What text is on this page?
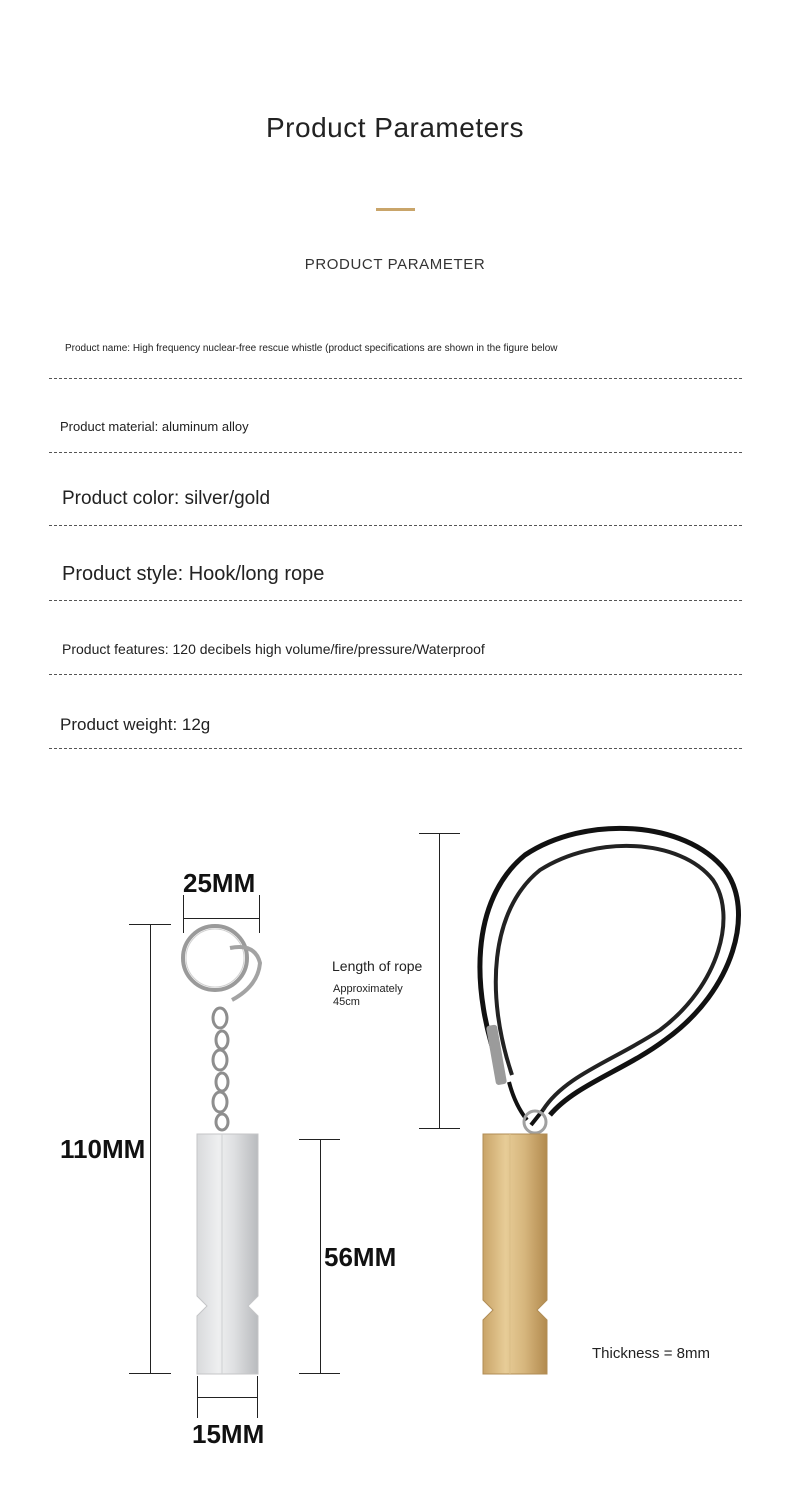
Product Parameters
PRODUCT PARAMETER
Product name: High frequency nuclear-free rescue whistle (product specifications are shown in the figure below
Product material: aluminum alloy
Product color: silver/gold
Product style: Hook/long rope
Product features: 120 decibels high volume/fire/pressure/Waterproof
Product weight: 12g
25MM
110MM
56MM
15MM
Length of rope
Approximately
45cm
Thickness = 8mm
